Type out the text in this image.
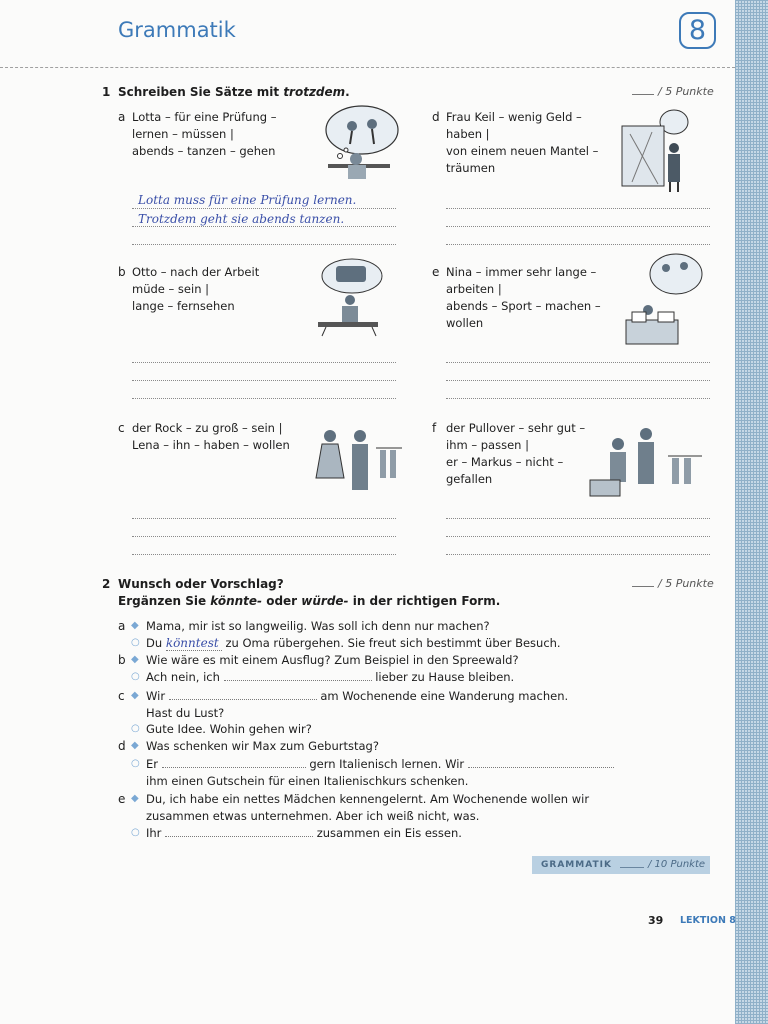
Grammatik	8
1 Schreiben Sie Sätze mit trotzdem.	/ 5 Punkte
a Lotta – für eine Prüfung –
lernen – müssen |
abends – tanzen – gehen
Lotta muss für eine Prüfung lernen.
Trotzdem geht sie abends tanzen.
d Frau Keil – wenig Geld –
haben |
von einem neuen Mantel –
träumen
b Otto – nach der Arbeit
müde – sein |
lange – fernsehen
e Nina – immer sehr lange –
arbeiten |
abends – Sport – machen –
wollen
c der Rock – zu groß – sein |
Lena – ihn – haben – wollen
f der Pullover – sehr gut –
ihm – passen |
er – Markus – nicht –
gefallen
2 Wunsch oder Vorschlag?
Ergänzen Sie könnte- oder würde- in der richtigen Form.
/ 5 Punkte
a ◆ Mama, mir ist so langweilig. Was soll ich denn nur machen?
○ Du könntest zu Oma rübergehen. Sie freut sich bestimmt über Besuch.
b ◆ Wie wäre es mit einem Ausflug? Zum Beispiel in den Spreewald?
○ Ach nein, ich	lieber zu Hause bleiben.
c ◆ Wir	am Wochenende eine Wanderung machen.
Hast du Lust?
○ Gute Idee. Wohin gehen wir?
d ◆ Was schenken wir Max zum Geburtstag?
○ Er	gern Italienisch lernen. Wir
ihm einen Gutschein für einen Italienischkurs schenken.
e ◆ Du, ich habe ein nettes Mädchen kennengelernt. Am Wochenende wollen wir
zusammen etwas unternehmen. Aber ich weiß nicht, was.
○ Ihr	zusammen ein Eis essen.
GRAMMATIK	/ 10 Punkte
39 LEKTION 8
